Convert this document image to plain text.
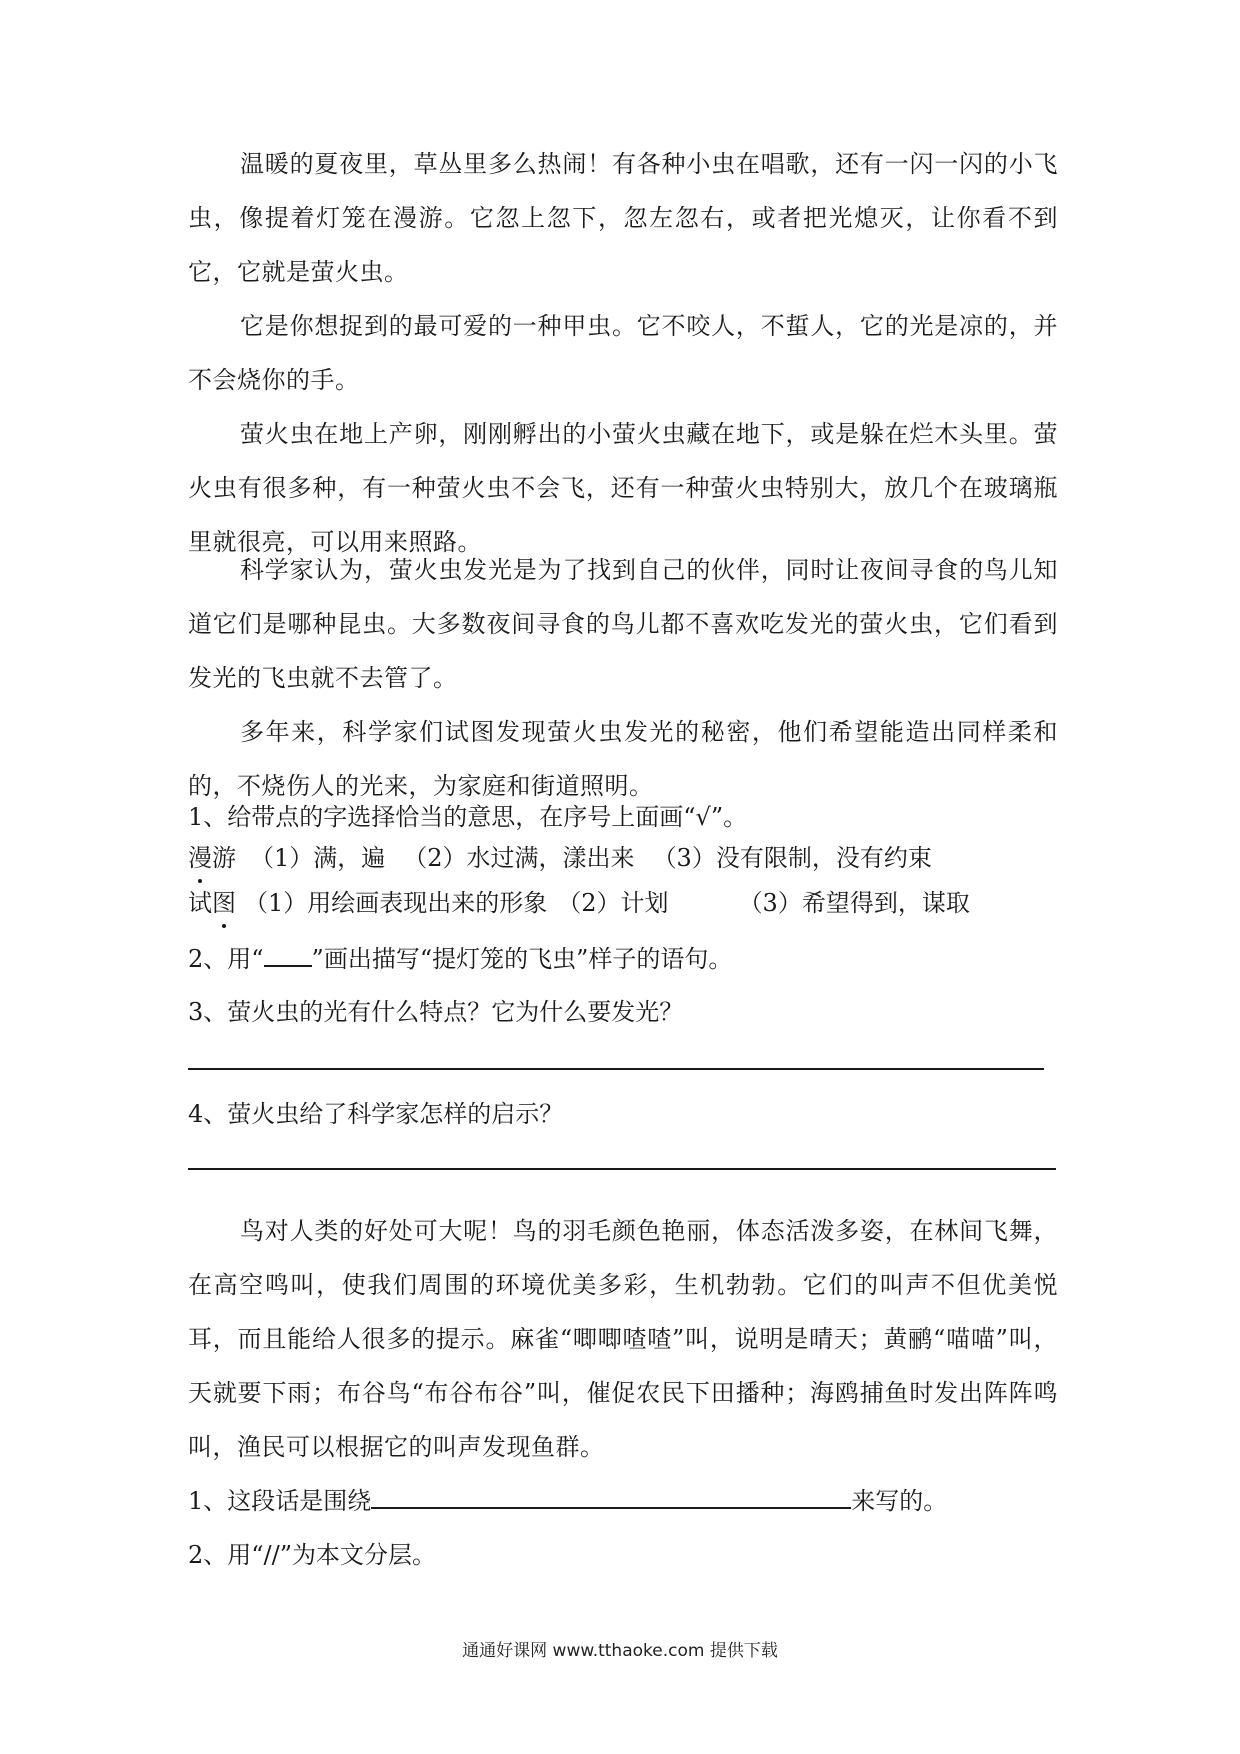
温暖的夏夜里，草丛里多么热闹！有各种小虫在唱歌，还有一闪一闪的小飞虫，像提着灯笼在漫游。它忽上忽下，忽左忽右，或者把光熄灭，让你看不到它，它就是萤火虫。

它是你想捉到的最可爱的一种甲虫。它不咬人，不蜇人，它的光是凉的，并不会烧你的手。

萤火虫在地上产卵，刚刚孵出的小萤火虫藏在地下，或是躲在烂木头里。萤火虫有很多种，有一种萤火虫不会飞，还有一种萤火虫特别大，放几个在玻璃瓶里就很亮，可以用来照路。

科学家认为，萤火虫发光是为了找到自己的伙伴，同时让夜间寻食的鸟儿知道它们是哪种昆虫。大多数夜间寻食的鸟儿都不喜欢吃发光的萤火虫，它们看到发光的飞虫就不去管了。

多年来，科学家们试图发现萤火虫发光的秘密，他们希望能造出同样柔和的，不烧伤人的光来，为家庭和街道照明。

1、给带点的字选择恰当的意思，在序号上面画“√”。

漫游 （1）满，遍 （2）水过满，漾出来 （3）没有限制，没有约束

试图 （1）用绘画表现出来的形象 （2）计划	（3）希望得到，谋取

2、用“ ”画出描写“提灯笼的飞虫”样子的语句。

3、萤火虫的光有什么特点？它为什么要发光？

4、萤火虫给了科学家怎样的启示？

鸟对人类的好处可大呢！鸟的羽毛颜色艳丽，体态活泼多姿，在林间飞舞，在高空鸣叫，使我们周围的环境优美多彩，生机勃勃。它们的叫声不但优美悦耳，而且能给人很多的提示。麻雀“唧唧喳喳”叫，说明是晴天；黄鹂“喵喵”叫，天就要下雨；布谷鸟“布谷布谷”叫，催促农民下田播种；海鸥捕鱼时发出阵阵鸣叫，渔民可以根据它的叫声发现鱼群。

1、这段话是围绕	来写的。

2、用“//”为本文分层。

通通好课网 www.tthaoke.com 提供下载
